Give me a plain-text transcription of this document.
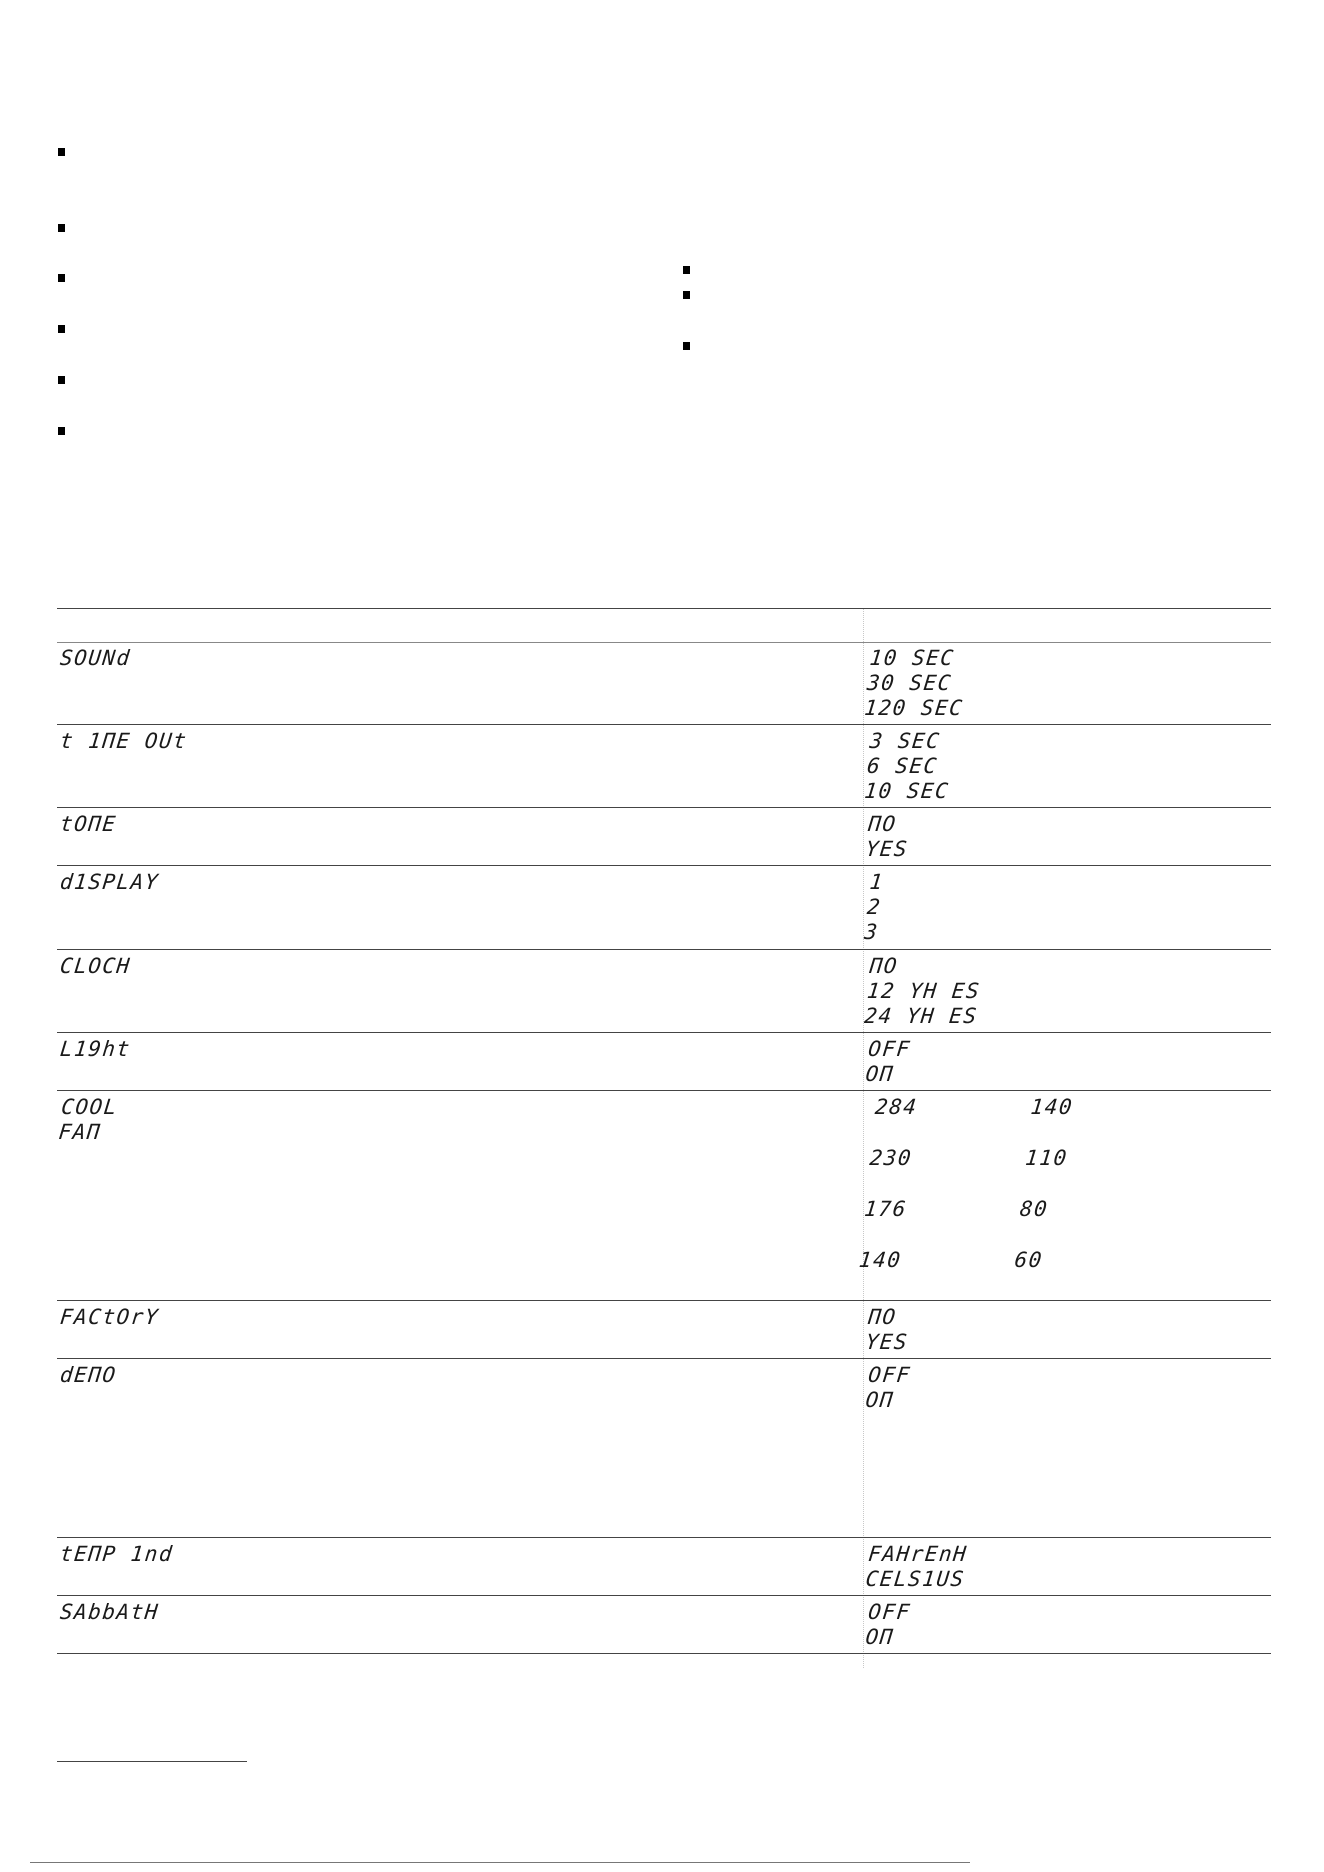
SOUNd	10 SEC
30 SEC
120 SEC
t 1ΠE OUt	3 SEC
6 SEC
10 SEC
tOΠE	ΠO
YES
d1SPLAY	1
2
3
CLOCH	ΠO
12 YH ES
24 YH ES
L19ht	OFF
OΠ
COOL
FAΠ
284        140

230        110

176        80

140        60
FACtOrY	ΠO
YES
dEΠO	OFF
OΠ
tEΠP 1nd	FAHrEnH
CELS1US
SAbbAtH	OFF
OΠ
